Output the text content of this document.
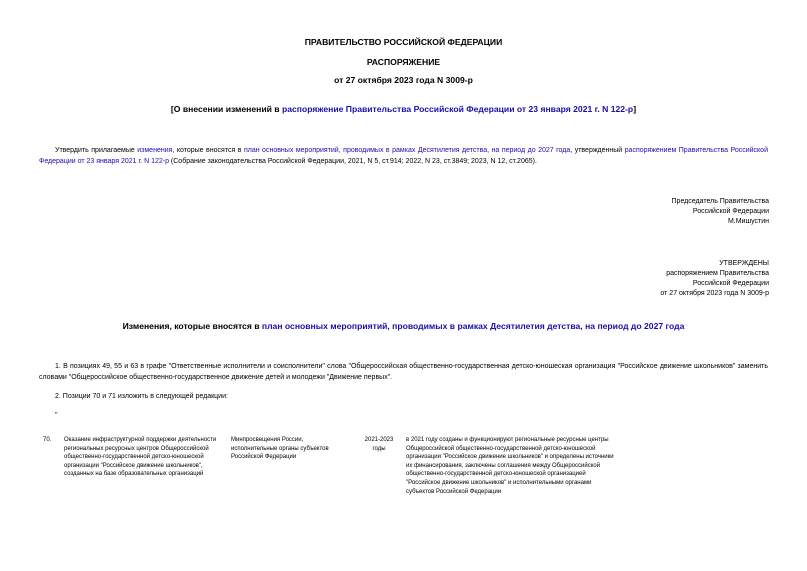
ПРАВИТЕЛЬСТВО РОССИЙСКОЙ ФЕДЕРАЦИИ
РАСПОРЯЖЕНИЕ
от 27 октября 2023 года N 3009-р
[О внесении изменений в распоряжение Правительства Российской Федерации от 23 января 2021 г. N 122-р]
Утвердить прилагаемые изменения, которые вносятся в план основных мероприятий, проводимых в рамках Десятилетия детства, на период до 2027 года, утвержденный распоряжением Правительства Российской Федерации от 23 января 2021 г. N 122-р (Собрание законодательства Российской Федерации, 2021, N 5, ст.914; 2022, N 23, ст.3849; 2023, N 12, ст.2065).
Председатель Правительства
Российской Федерации
М.Мишустин
УТВЕРЖДЕНЫ
распоряжением Правительства
Российской Федерации
от 27 октября 2023 года N 3009-р
Изменения, которые вносятся в план основных мероприятий, проводимых в рамках Десятилетия детства, на период до 2027 года
1. В позициях 49, 55 и 63 в графе "Ответственные исполнители и соисполнители" слова "Общероссийская общественно-государственная детско-юношеская организация "Российское движение школьников" заменить словами "Общероссийское общественно-государственное движение детей и молодежи "Движение первых".
2. Позиции 70 и 71 изложить в следующей редакции:
"
70.	Оказание инфраструктурной поддержки деятельности региональных ресурсных центров Общероссийской общественно-государственной детско-юношеской организации "Российское движение школьников", созданных на базе образовательных организаций
Минпросвещения России, исполнительные органы субъектов Российской Федерации
2021-2023 годы
в 2021 году созданы и функционируют региональные ресурсные центры Общероссийской общественно-государственной детско-юношеской организации "Российское движение школьников" и определены источники их финансирования, заключены соглашения между Общероссийской общественно-государственной детско-юношеской организацией "Российское движение школьников" и исполнительными органами субъектов Российской Федерации
